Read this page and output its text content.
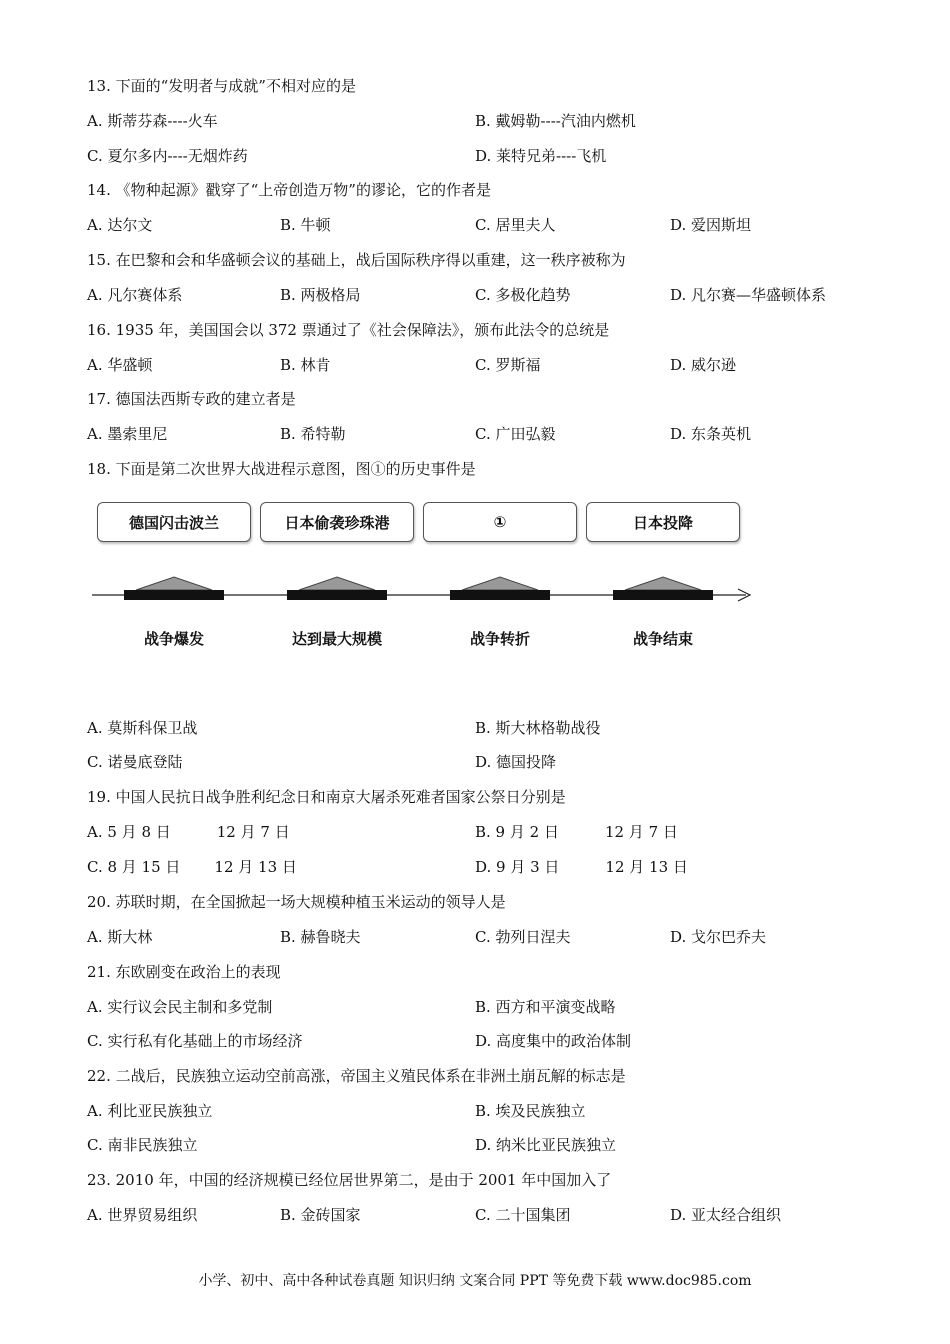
13. 下面的“发明者与成就”不相对应的是
A. 斯蒂芬森----火车	B. 戴姆勒----汽油内燃机
C. 夏尔多内----无烟炸药	D. 莱特兄弟----飞机
14. 《物种起源》戳穿了“上帝创造万物”的谬论，它的作者是
A. 达尔文	B. 牛顿	C. 居里夫人	D. 爱因斯坦
15. 在巴黎和会和华盛顿会议的基础上，战后国际秩序得以重建，这一秩序被称为
A. 凡尔赛体系	B. 两极格局	C. 多极化趋势	D. 凡尔赛—华盛顿体系
16. 1935 年，美国国会以 372 票通过了《社会保障法》，颁布此法令的总统是
A. 华盛顿	B. 林肯	C. 罗斯福	D. 威尔逊
17. 德国法西斯专政的建立者是
A. 墨索里尼	B. 希特勒	C. 广田弘毅	D. 东条英机
18. 下面是第二次世界大战进程示意图，图①的历史事件是
德国闪击波兰	日本偷袭珍珠港	①	日本投降
战争爆发	达到最大规模	战争转折	战争结束
A. 莫斯科保卫战	B. 斯大林格勒战役
C. 诺曼底登陆	D. 德国投降
19. 中国人民抗日战争胜利纪念日和南京大屠杀死难者国家公祭日分别是
A. 5 月 8 日	12 月 7 日	B. 9 月 2 日	12 月 7 日
C. 8 月 15 日 12 月 13 日	D. 9 月 3 日	12 月 13 日
20. 苏联时期，在全国掀起一场大规模种植玉米运动的领导人是
A. 斯大林	B. 赫鲁晓夫	C. 勃列日涅夫	D. 戈尔巴乔夫
21. 东欧剧变在政治上的表现
A. 实行议会民主制和多党制	B. 西方和平演变战略
C. 实行私有化基础上的市场经济	D. 高度集中的政治体制
22. 二战后，民族独立运动空前高涨，帝国主义殖民体系在非洲土崩瓦解的标志是
A. 利比亚民族独立	B. 埃及民族独立
C. 南非民族独立	D. 纳米比亚民族独立
23. 2010 年，中国的经济规模已经位居世界第二，是由于 2001 年中国加入了
A. 世界贸易组织	B. 金砖国家	C. 二十国集团	D. 亚太经合组织
小学、初中、高中各种试卷真题 知识归纳 文案合同 PPT 等免费下载 www.doc985.com
